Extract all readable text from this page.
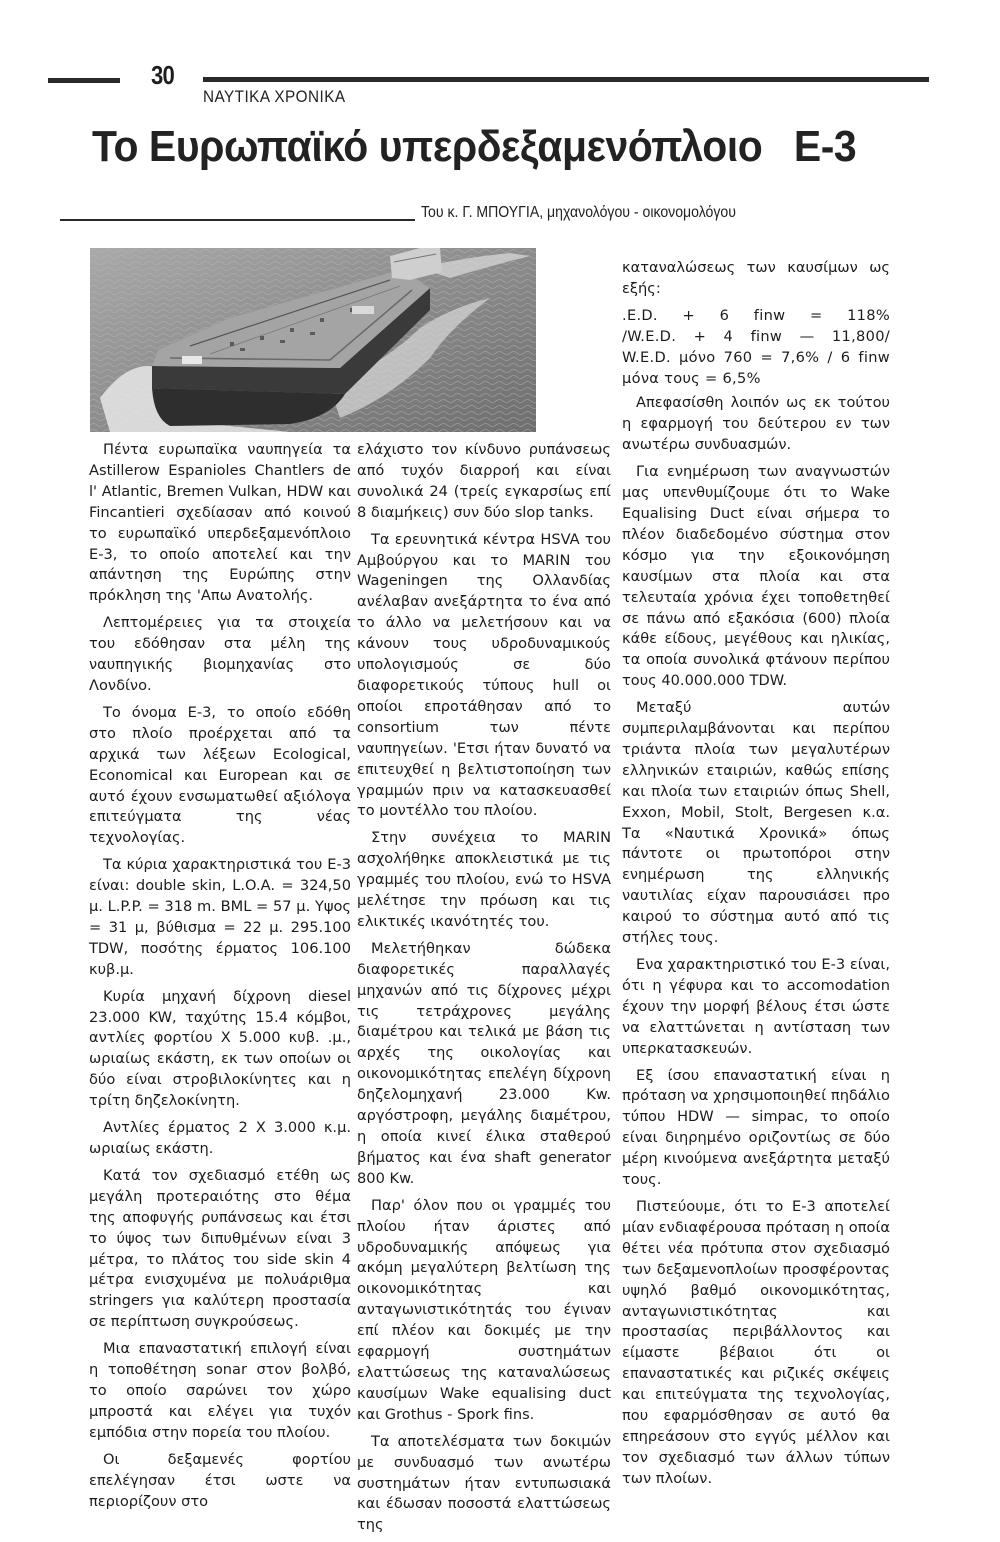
30
ΝΑΥΤΙΚΑ ΧΡΟΝΙΚΑ
Το Ευρωπαϊκό υπερδεξαμενόπλοιο Ε-3
Του κ. Γ. ΜΠΟΥΓΙΑ, μηχανολόγου - οικονομολόγου

Πέντα ευρωπαϊκα ναυπηγεία τα Astillerow Espanioles Chantlers de l' Atlantic, Bremen Vulkan, HDW και Fincantieri σχεδίασαν από κοινού το ευρωπαϊκό υπερδεξαμενόπλοιο Ε-3, το οποίο αποτελεί και την απάντηση της Ευρώπης στην πρόκληση της 'Απω Ανατολής.

Λεπτομέρειες για τα στοιχεία του εδόθησαν στα μέλη της ναυπηγικής βιομηχανίας στο Λονδίνο.

Το όνομα Ε-3, το οποίο εδόθη στο πλοίο προέρχεται από τα αρχικά των λέξεων Ecological, Economical και European και σε αυτό έχουν ενσωματωθεί αξιόλογα επιτεύγματα της νέας τεχνολογίας.

Τα κύρια χαρακτηριστικά του Ε-3 είναι: double skin, L.O.A. = 324,50 μ. L.P.P. = 318 m. BML = 57 μ. Υψος = 31 μ, βύθισμα = 22 μ. 295.100 TDW, ποσότης έρματος 106.100 κυβ.μ.

Κυρία μηχανή δίχρονη diesel 23.000 KW, ταχύτης 15.4 κόμβοι, αντλίες φορτίου Χ 5.000 κυβ. .μ., ωριαίως εκάστη, εκ των οποίων οι δύο είναι στροβιλοκίνητες και η τρίτη δηζελοκίνητη.

Αντλίες έρματος 2 Χ 3.000 κ.μ. ωριαίως εκάστη.

Κατά τον σχεδιασμό ετέθη ως μεγάλη προτεραιότης στο θέμα της αποφυγής ρυπάνσεως και έτσι το ύψος των διπυθμένων είναι 3 μέτρα, το πλάτος του side skin 4 μέτρα ενισχυμένα με πολυάριθμα stringers για καλύτερη προστασία σε περίπτωση συγκρούσεως.

Μια επαναστατική επιλογή είναι η τοποθέτηση sonar στον βολβό, το οποίο σαρώνει τον χώρο μπροστά και ελέγει για τυχόν εμπόδια στην πορεία του πλοίου.

Οι δεξαμενές φορτίου επελέγησαν έτσι ωστε να περιορίζουν στο

ελάχιστο τον κίνδυνο ρυπάνσεως από τυχόν διαρροή και είναι συνολικά 24 (τρείς εγκαρσίως επί 8 διαμήκεις) συν δύο slop tanks.

Τα ερευνητικά κέντρα HSVA του Αμβούργου και το MARIN του Wageningen της Ολλανδίας ανέλαβαν ανεξάρτητα το ένα από το άλλο να μελετήσουν και να κάνουν τους υδροδυναμικούς υπολογισμούς σε δύο διαφορετικούς τύπους hull οι οποίοι επροτάθησαν από το consortium των πέντε ναυπηγείων. 'Ετσι ήταν δυνατό να επιτευχθεί η βελτιστοποίηση των γραμμών πριν να κατασκευασθεί το μοντέλλο του πλοίου.

Στην συνέχεια το MARIN ασχολήθηκε αποκλειστικά με τις γραμμές του πλοίου, ενώ το HSVA μελέτησε την πρόωση και τις ελικτικές ικανότητές του.

Μελετήθηκαν δώδεκα διαφορετικές παραλλαγές μηχανών από τις δίχρονες μέχρι τις τετράχρονες μεγάλης διαμέτρου και τελικά με βάση τις αρχές της οικολογίας και οικονομικότητας επελέγη δίχρονη δηζελομηχανή 23.000 Kw. αργόστροφη, μεγάλης διαμέτρου, η οποία κινεί έλικα σταθερού βήματος και ένα shaft generator 800 Kw.

Παρ' όλον που οι γραμμές του πλοίου ήταν άριστες από υδροδυναμικής απόψεως για ακόμη μεγαλύτερη βελτίωση της οικονομικότητας και ανταγωνιστικότητάς του έγιναν επί πλέον και δοκιμές με την εφαρμογή συστημάτων ελαττώσεως της καταναλώσεως καυσίμων Wake equalising duct και Grothus - Spork fins.

Τα αποτελέσματα των δοκιμών με συνδυασμό των ανωτέρω συστημάτων ήταν εντυπωσιακά και έδωσαν ποσοστά ελαττώσεως της

καταναλώσεως των καυσίμων ως εξής:

.E.D. + 6 finw = 118%

/W.E.D. + 4 finw — 11,800/

W.E.D. μόνο 760 = 7,6% / 6 finw

μόνα τους = 6,5%

Απεφασίσθη λοιπόν ως εκ τούτου η εφαρμογή του δεύτερου εν των ανωτέρω συνδυασμών.

Για ενημέρωση των αναγνωστών μας υπενθυμίζουμε ότι το Wake Equalising Duct είναι σήμερα το πλέον διαδεδομένο σύστημα στον κόσμο για την εξοικονόμηση καυσίμων στα πλοία και στα τελευταία χρόνια έχει τοποθετηθεί σε πάνω από εξακόσια (600) πλοία κάθε είδους, μεγέθους και ηλικίας, τα οποία συνολικά φτάνουν περίπου τους 40.000.000 TDW.

Μεταξύ αυτών συμπεριλαμβάνονται και περίπου τριάντα πλοία των μεγαλυτέρων ελληνικών εταιριών, καθώς επίσης και πλοία των εταιριών όπως Shell, Exxon, Mobil, Stolt, Bergesen κ.α. Τα «Ναυτικά Χρονικά» όπως πάντοτε οι πρωτοπόροι στην ενημέρωση της ελληνικής ναυτιλίας είχαν παρουσιάσει προ καιρού το σύστημα αυτό από τις στήλες τους.

Ενα χαρακτηριστικό του Ε-3 είναι, ότι η γέφυρα και το accomodation έχουν την μορφή βέλους έτσι ώστε να ελαττώνεται η αντίσταση των υπερκατασκευών.

Εξ ίσου επαναστατική είναι η πρόταση να χρησιμοποιηθεί πηδάλιο τύπου HDW — simpac, το οποίο είναι διηρημένο οριζοντίως σε δύο μέρη κινούμενα ανεξάρτητα μεταξύ τους.

Πιστεύουμε, ότι το Ε-3 αποτελεί μίαν ενδιαφέρουσα πρόταση η οποία θέτει νέα πρότυπα στον σχεδιασμό των δεξαμενοπλοίων προσφέροντας υψηλό βαθμό οικονομικότητας, ανταγωνιστικότητας και προστασίας περιβάλλοντος και είμαστε βέβαιοι ότι οι επαναστατικές και ριζικές σκέψεις και επιτεύγματα της τεχνολογίας, που εφαρμόσθησαν σε αυτό θα επηρεάσουν στο εγγύς μέλλον και τον σχεδιασμό των άλλων τύπων των πλοίων.
